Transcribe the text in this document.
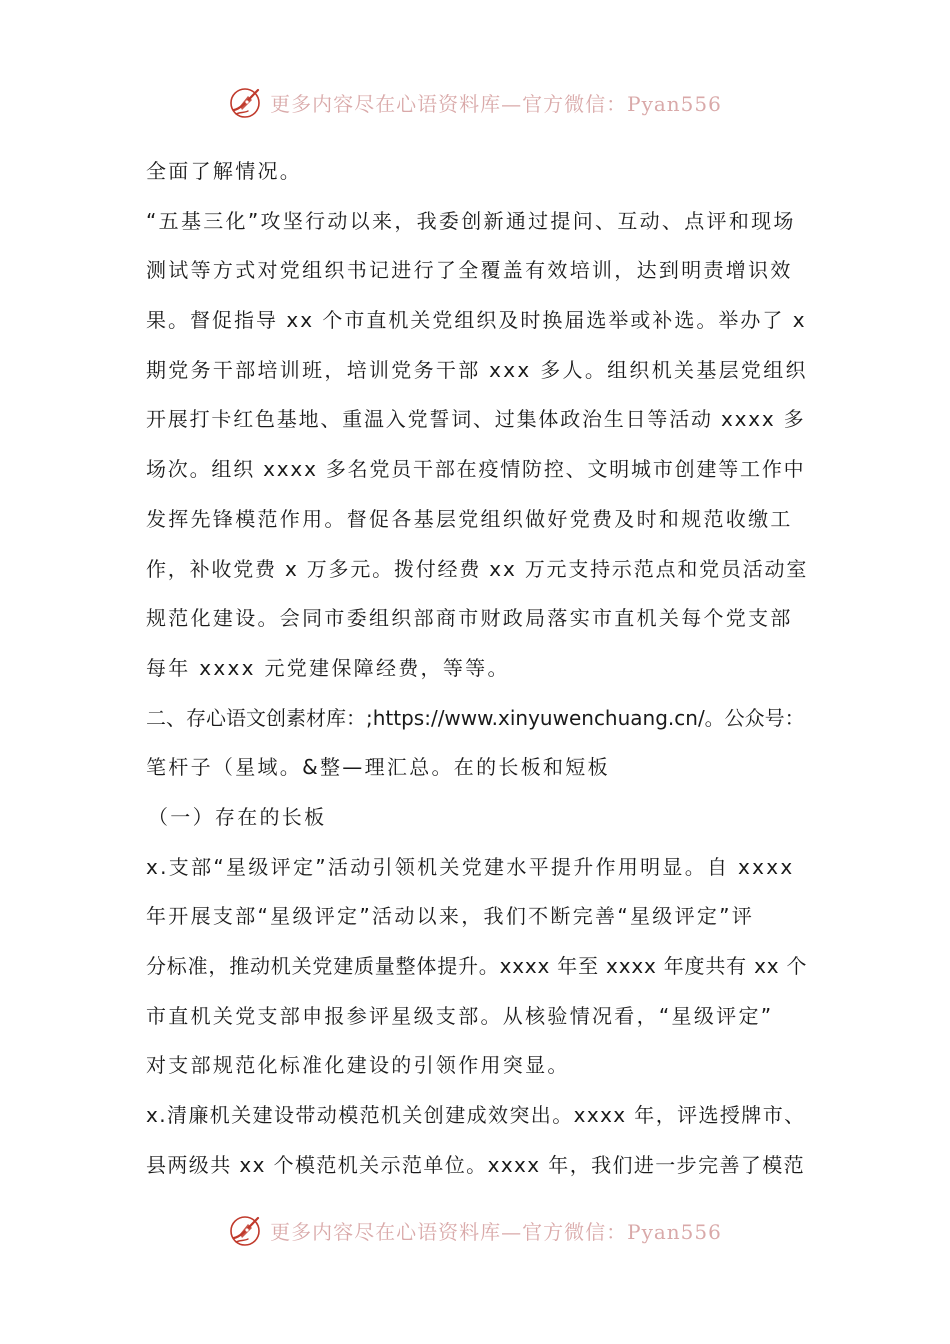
更多内容尽在心语资料库—官方微信：Pyan556
全面了解情况。
“五基三化”攻坚行动以来，我委创新通过提问、互动、点评和现场
测试等方式对党组织书记进行了全覆盖有效培训，达到明责增识效
果。督促指导 xx 个市直机关党组织及时换届选举或补选。举办了 x
期党务干部培训班，培训党务干部 xxx 多人。组织机关基层党组织
开展打卡红色基地、重温入党誓词、过集体政治生日等活动 xxxx 多
场次。组织 xxxx 多名党员干部在疫情防控、文明城市创建等工作中
发挥先锋模范作用。督促各基层党组织做好党费及时和规范收缴工
作，补收党费 x 万多元。拨付经费 xx 万元支持示范点和党员活动室
规范化建设。会同市委组织部商市财政局落实市直机关每个党支部
每年 xxxx 元党建保障经费，等等。
二、存心语文创素材库：;https://www.xinyuwenchuang.cn/。公众号：
笔杆子（星域。&整—理汇总。在的长板和短板
（一）存在的长板
x.支部“星级评定”活动引领机关党建水平提升作用明显。自 xxxx
年开展支部“星级评定”活动以来，我们不断完善“星级评定”评
分标准，推动机关党建质量整体提升。xxxx 年至 xxxx 年度共有 xx 个
市直机关党支部申报参评星级支部。从核验情况看，“星级评定”
对支部规范化标准化建设的引领作用突显。
x.清廉机关建设带动模范机关创建成效突出。xxxx 年，评选授牌市、
县两级共 xx 个模范机关示范单位。xxxx 年，我们进一步完善了模范
更多内容尽在心语资料库—官方微信：Pyan556
